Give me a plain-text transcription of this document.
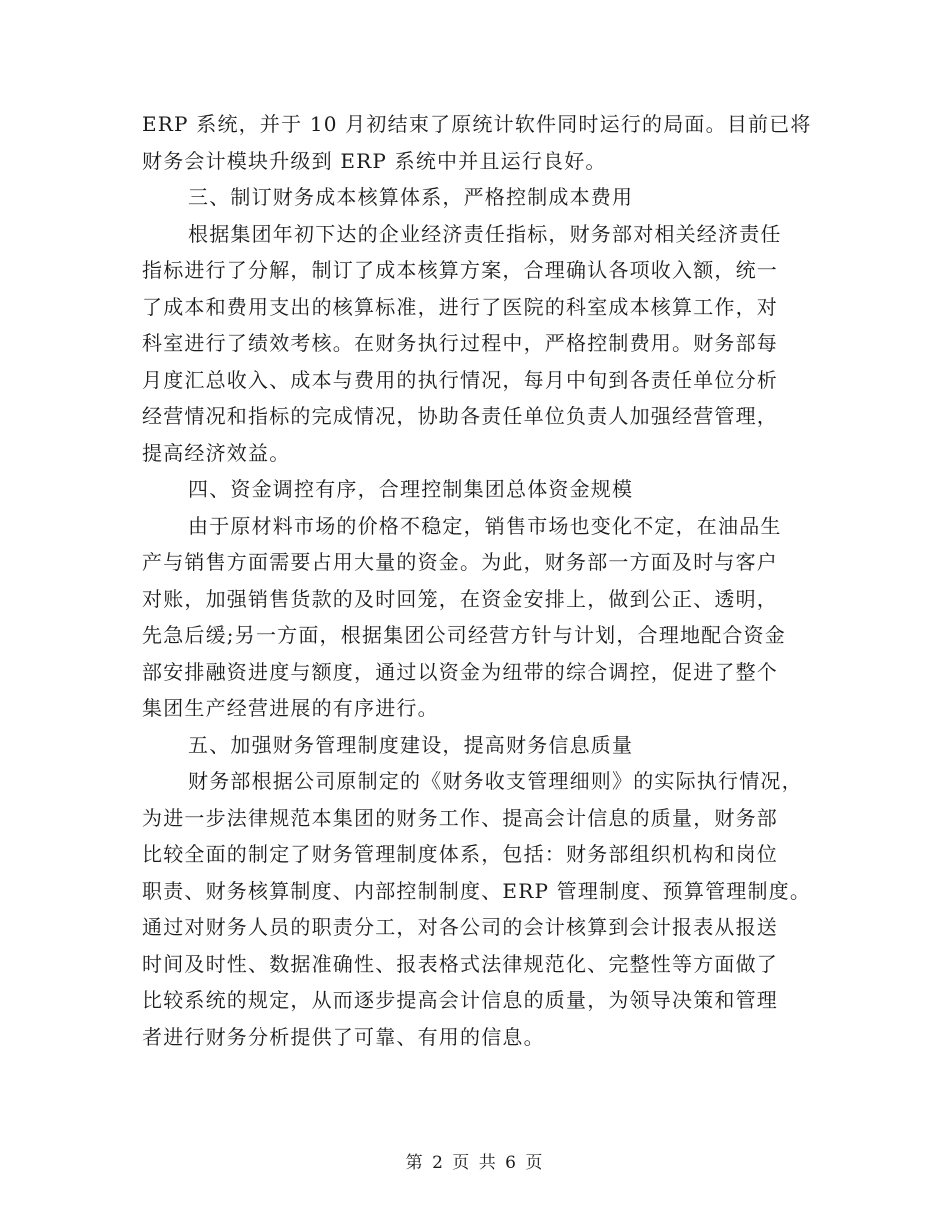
ERP 系统，并于 10 月初结束了原统计软件同时运行的局面。目前已将
财务会计模块升级到 ERP 系统中并且运行良好。
三、制订财务成本核算体系，严格控制成本费用
根据集团年初下达的企业经济责任指标，财务部对相关经济责任
指标进行了分解，制订了成本核算方案，合理确认各项收入额，统一
了成本和费用支出的核算标准，进行了医院的科室成本核算工作，对
科室进行了绩效考核。在财务执行过程中，严格控制费用。财务部每
月度汇总收入、成本与费用的执行情况，每月中旬到各责任单位分析
经营情况和指标的完成情况，协助各责任单位负责人加强经营管理，
提高经济效益。
四、资金调控有序，合理控制集团总体资金规模
由于原材料市场的价格不稳定，销售市场也变化不定，在油品生
产与销售方面需要占用大量的资金。为此，财务部一方面及时与客户
对账，加强销售货款的及时回笼，在资金安排上，做到公正、透明，
先急后缓;另一方面，根据集团公司经营方针与计划，合理地配合资金
部安排融资进度与额度，通过以资金为纽带的综合调控，促进了整个
集团生产经营进展的有序进行。
五、加强财务管理制度建设，提高财务信息质量
财务部根据公司原制定的《财务收支管理细则》的实际执行情况，
为进一步法律规范本集团的财务工作、提高会计信息的质量，财务部
比较全面的制定了财务管理制度体系，包括：财务部组织机构和岗位
职责、财务核算制度、内部控制制度、ERP 管理制度、预算管理制度。
通过对财务人员的职责分工，对各公司的会计核算到会计报表从报送
时间及时性、数据准确性、报表格式法律规范化、完整性等方面做了
比较系统的规定，从而逐步提高会计信息的质量，为领导决策和管理
者进行财务分析提供了可靠、有用的信息。
第 2 页 共 6 页
